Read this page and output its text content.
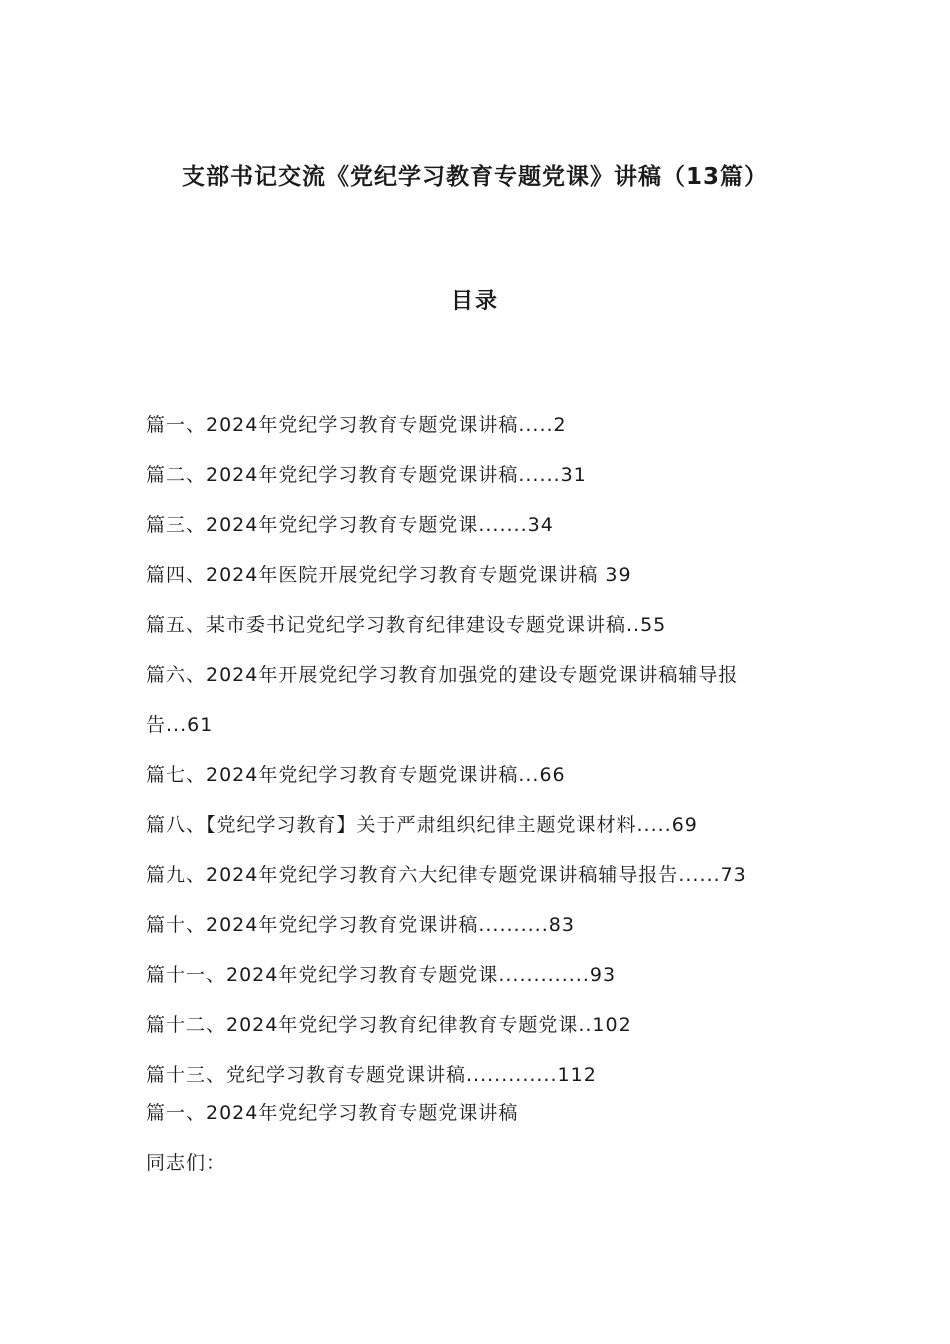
支部书记交流《党纪学习教育专题党课》讲稿（13篇）
目录
篇一、2024年党纪学习教育专题党课讲稿.....2
篇二、2024年党纪学习教育专题党课讲稿......31
篇三、2024年党纪学习教育专题党课.......34
篇四、2024年医院开展党纪学习教育专题党课讲稿 39
篇五、某市委书记党纪学习教育纪律建设专题党课讲稿..55
篇六、2024年开展党纪学习教育加强党的建设专题党课讲稿辅导报
告...61
篇七、2024年党纪学习教育专题党课讲稿...66
篇八、【党纪学习教育】关于严肃组织纪律主题党课材料.....69
篇九、2024年党纪学习教育六大纪律专题党课讲稿辅导报告......73
篇十、2024年党纪学习教育党课讲稿..........83
篇十一、2024年党纪学习教育专题党课.............93
篇十二、2024年党纪学习教育纪律教育专题党课..102
篇十三、党纪学习教育专题党课讲稿.............112
篇一、2024年党纪学习教育专题党课讲稿
同志们：
